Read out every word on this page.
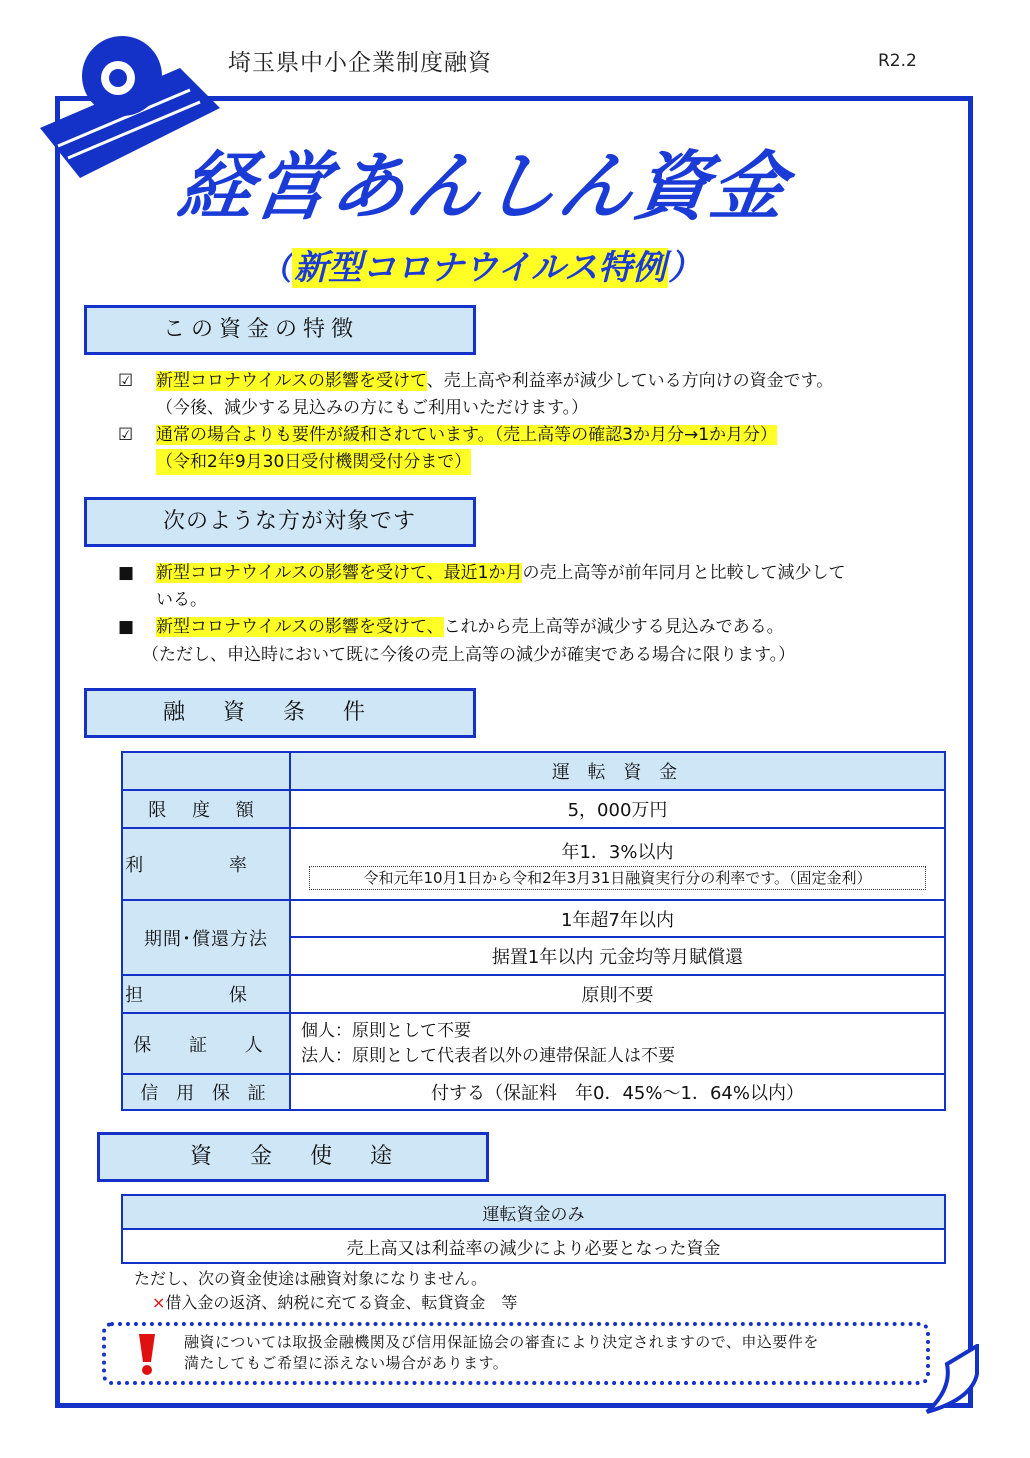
埼玉県中小企業制度融資	R2.2
経営あんしん資金
（新型コロナウイルス特例）
この資金の特徴
☑ 新型コロナウイルスの影響を受けて、売上高や利益率が減少している方向けの資金です。
（今後、減少する見込みの方にもご利用いただけます。）
☑ 通常の場合よりも要件が緩和されています。（売上高等の確認3か月分→1か月分）
（令和2年9月30日受付機関受付分まで）
次のような方が対象です
■ 新型コロナウイルスの影響を受けて、最近1か月の売上高等が前年同月と比較して減少して
いる。
■ 新型コロナウイルスの影響を受けて、これから売上高等が減少する見込みである。
（ただし、申込時において既に今後の売上高等の減少が確実である場合に限ります。）
融　資　条　件
	運 転 資 金
限 度 額	5，000万円
利 率	年1．3%以内
令和元年10月1日から令和2年3月31日融資実行分の利率です。（固定金利）

期間･償還方法	1年超7年以内
	据置1年以内 元金均等月賦償還
担 保	原則不要
保 証 人	個人：原則として不要
法人：原則として代表者以外の連帯保証人は不要

信 用 保 証	付する（保証料　年0．45%～1．64%以内）
資　金　使　途
運転資金のみ
売上高又は利益率の減少により必要となった資金
ただし、次の資金使途は融資対象になりません。
×借入金の返済、納税に充てる資金、転貸資金　等
融資については取扱金融機関及び信用保証協会の審査により決定されますので、申込要件を
満たしてもご希望に添えない場合があります。
